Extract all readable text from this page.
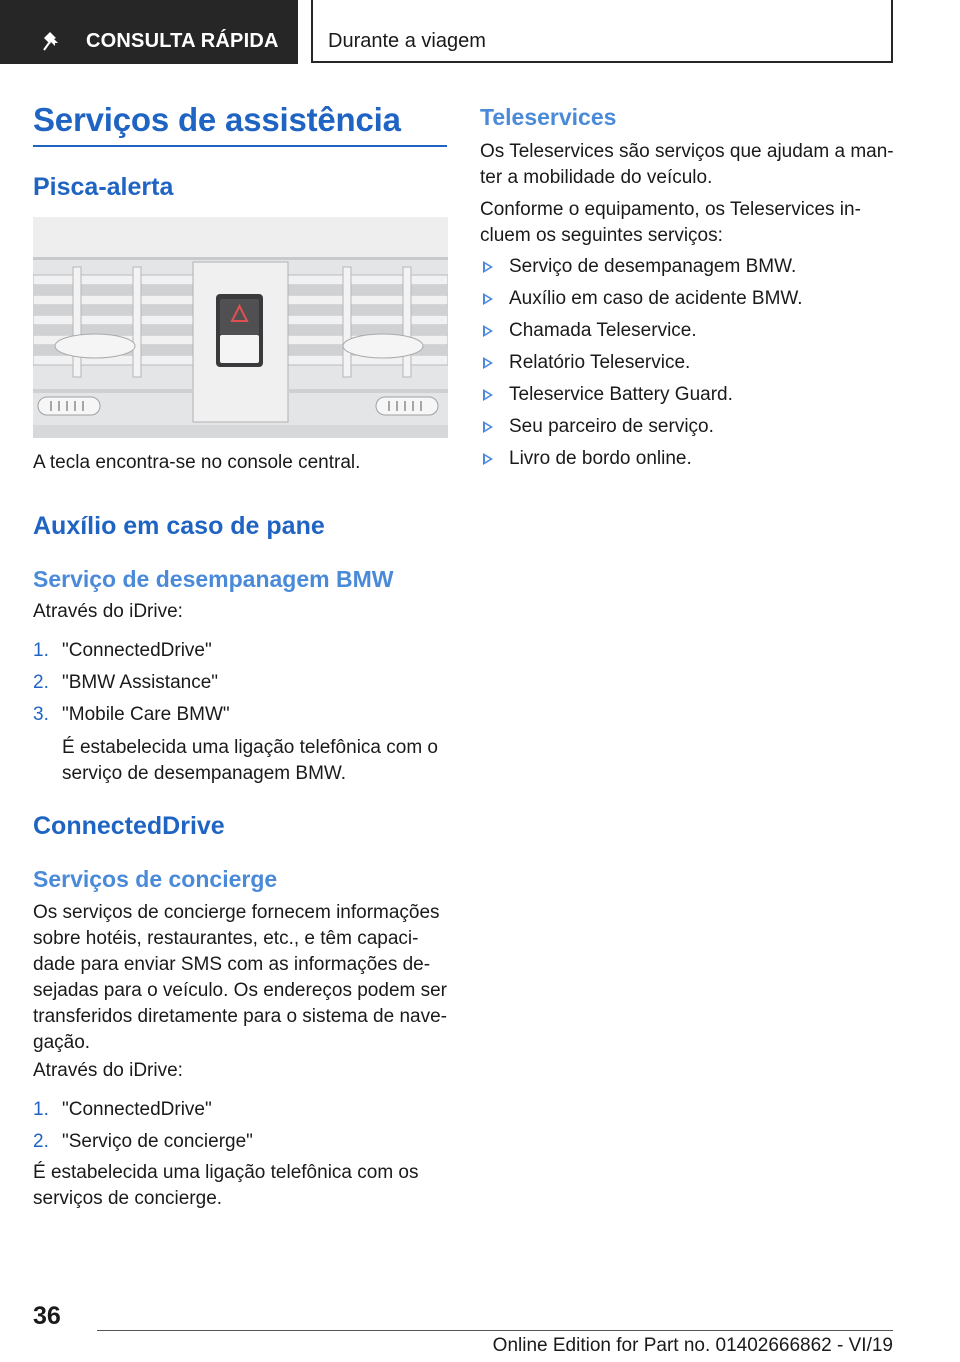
CONSULTA RÁPIDA Durante a viagem
Serviços de assistência
Pisca-alerta

A tecla encontra-se no console central.

Auxílio em caso de pane
Serviço de desempanagem BMW

Através do iDrive:

1. "ConnectedDrive"
2. "BMW Assistance"
3. "Mobile Care BMW"

É estabelecida uma ligação telefônica com o

serviço de desempanagem BMW.

ConnectedDrive
Serviços de concierge

Os serviços de concierge fornecem informações

sobre hotéis, restaurantes, etc., e têm capaci-

dade para enviar SMS com as informações de-

sejadas para o veículo. Os endereços podem ser

transferidos diretamente para o sistema de nave-

gação.

Através do iDrive:

1. "ConnectedDrive"
2. "Serviço de concierge"

É estabelecida uma ligação telefônica com os

serviços de concierge.

Teleservices

Os Teleservices são serviços que ajudam a man-

ter a mobilidade do veículo.

Conforme o equipamento, os Teleservices in-

cluem os seguintes serviços:

Serviço de desempanagem BMW.
Auxílio em caso de acidente BMW.
Chamada Teleservice.
Relatório Teleservice.
Teleservice Battery Guard.
Seu parceiro de serviço.
Livro de bordo online.
36
Online Edition for Part no. 01402666862 - VI/19
